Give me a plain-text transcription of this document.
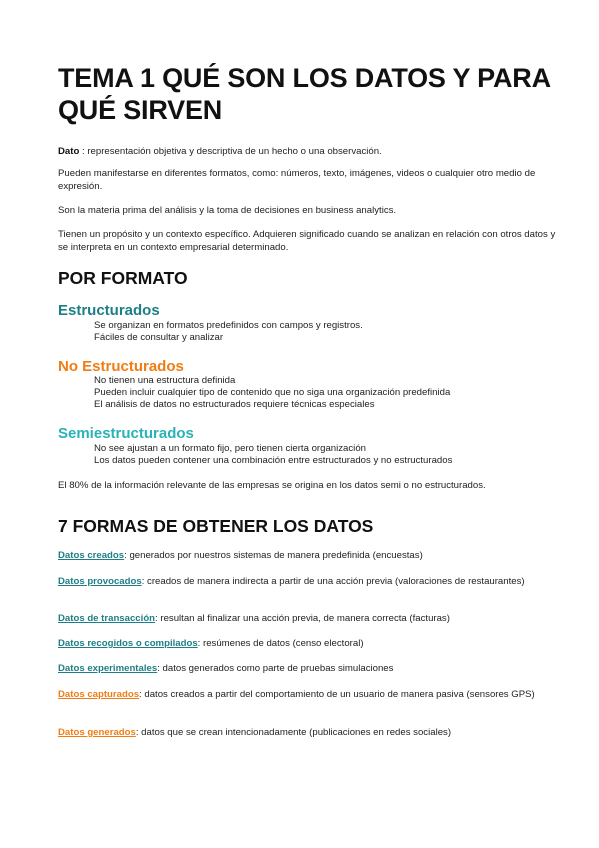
TEMA 1 QUÉ SON LOS DATOS Y PARA QUÉ SIRVEN
Dato : representación objetiva y descriptiva de un hecho o una observación.
Pueden manifestarse en diferentes formatos, como: números, texto, imágenes, videos o cualquier otro medio de expresión.
Son la materia prima del análisis y la toma de decisiones en business analytics.
Tienen un propósito y un contexto específico. Adquieren significado cuando se analizan en relación con otros datos y se interpreta en un contexto empresarial determinado.
POR FORMATO
Estructurados
Se organizan en formatos predefinidos con campos y registros.
Fáciles de consultar y analizar
No Estructurados
No tienen una estructura definida
Pueden incluir cualquier tipo de contenido que no siga una organización predefinida
El análisis de datos no estructurados requiere técnicas especiales
Semiestructurados
No see ajustan a un formato fijo, pero tienen cierta organización
Los datos pueden contener una combinación entre estructurados y no estructurados
El 80% de la información relevante de las empresas se origina en los datos semi o no estructurados.
7 FORMAS DE OBTENER LOS DATOS
Datos creados: generados por nuestros sistemas de manera predefinida (encuestas)
Datos provocados: creados de manera indirecta a partir de una acción previa (valoraciones de restaurantes)
Datos de transacción: resultan al finalizar una acción previa, de manera correcta (facturas)
Datos recogidos o compilados: resúmenes de datos (censo electoral)
Datos experimentales: datos generados como parte de pruebas simulaciones
Datos capturados: datos creados a partir del comportamiento de un usuario de manera pasiva (sensores GPS)
Datos generados: datos que se crean intencionadamente (publicaciones en redes sociales)
